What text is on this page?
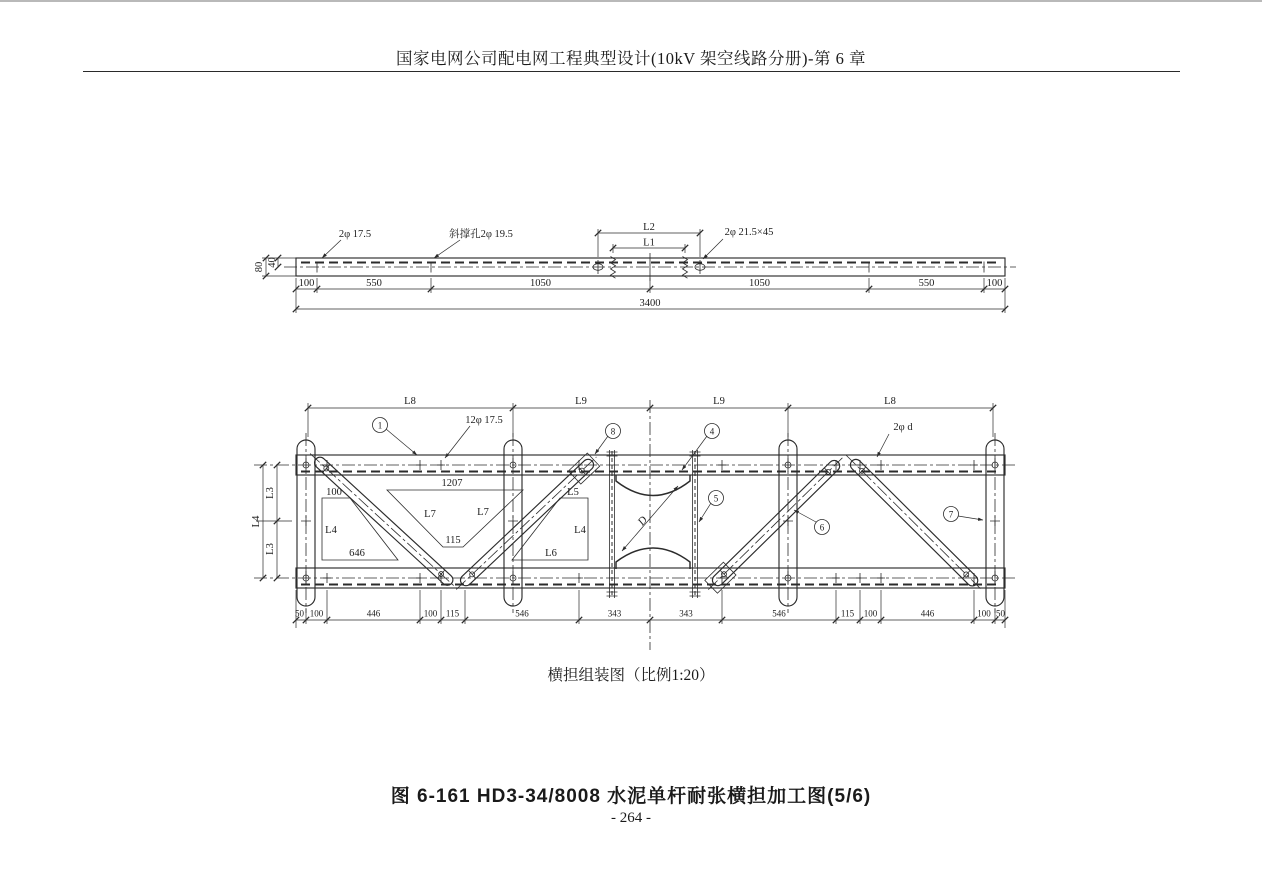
国家电网公司配电网工程典型设计(10kV 架空线路分册)-第 6 章
2φ 17.5	斜撑孔2φ 19.5	2φ 21.5×45
L2
L1
100	550	1050	1050	550	100
3400
80 40
D
L8	L9	L9	L8
50 100	446	100 115	546	343	343	546	115 100	446	100 50
L4
L3
L3
1207
L7	L7
115
100
L4
646
L5
L4
L6
1
8	4
5
6
7
12φ 17.5
2φ d
横担组装图（比例1:20）
图 6-161 HD3-34/8008 水泥单杆耐张横担加工图(5/6)
- 264 -
